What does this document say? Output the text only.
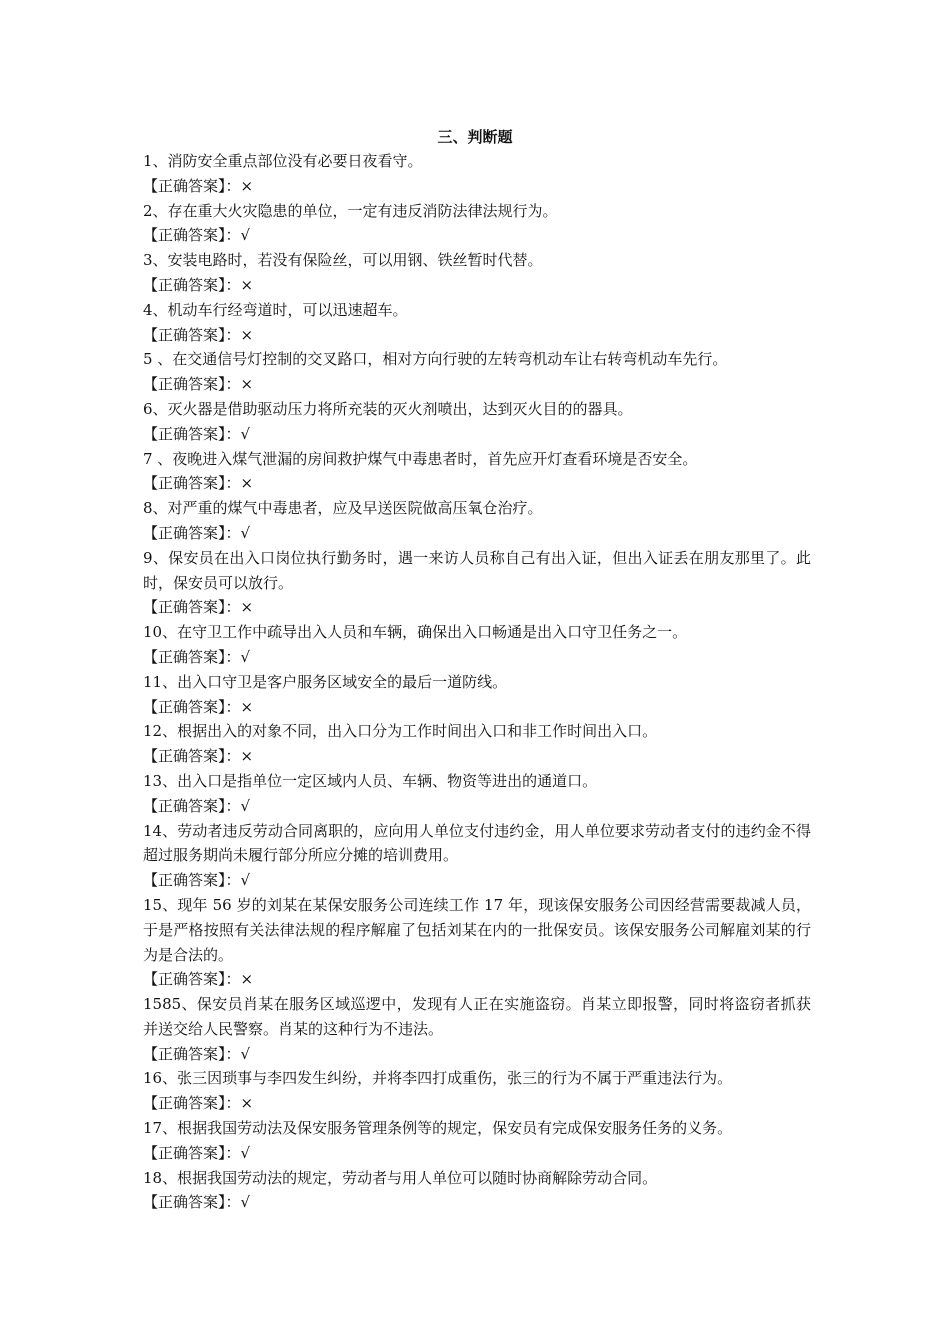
三、判断题

1、消防安全重点部位没有必要日夜看守。

【正确答案】：×

2、存在重大火灾隐患的单位，一定有违反消防法律法规行为。

【正确答案】：√

3、安装电路时，若没有保险丝，可以用钢、铁丝暂时代替。

【正确答案】：×

4、机动车行经弯道时，可以迅速超车。

【正确答案】：×

5 、在交通信号灯控制的交叉路口，相对方向行驶的左转弯机动车让右转弯机动车先行。

【正确答案】：×

6、灭火器是借助驱动压力将所充装的灭火剂喷出，达到灭火目的的器具。

【正确答案】：√

7 、夜晚进入煤气泄漏的房间救护煤气中毒患者时，首先应开灯查看环境是否安全。

【正确答案】：×

8、对严重的煤气中毒患者，应及早送医院做高压氧仓治疗。

【正确答案】：√

9、保安员在出入口岗位执行勤务时，遇一来访人员称自己有出入证，但出入证丢在朋友那里了。此时，保安员可以放行。

【正确答案】：×

10、在守卫工作中疏导出入人员和车辆，确保出入口畅通是出入口守卫任务之一。

【正确答案】：√

11、出入口守卫是客户服务区域安全的最后一道防线。

【正确答案】：×

12、根据出入的对象不同，出入口分为工作时间出入口和非工作时间出入口。

【正确答案】：×

13、出入口是指单位一定区域内人员、车辆、物资等进出的通道口。

【正确答案】：√

14、劳动者违反劳动合同离职的，应向用人单位支付违约金，用人单位要求劳动者支付的违约金不得超过服务期尚未履行部分所应分摊的培训费用。

【正确答案】：√

15、现年 56 岁的刘某在某保安服务公司连续工作 17 年，现该保安服务公司因经营需要裁减人员，于是严格按照有关法律法规的程序解雇了包括刘某在内的一批保安员。该保安服务公司解雇刘某的行为是合法的。

【正确答案】：×

1585、保安员肖某在服务区域巡逻中，发现有人正在实施盗窃。肖某立即报警，同时将盗窃者抓获并送交给人民警察。肖某的这种行为不违法。

【正确答案】：√

16、张三因琐事与李四发生纠纷，并将李四打成重伤，张三的行为不属于严重违法行为。

【正确答案】：×

17、根据我国劳动法及保安服务管理条例等的规定，保安员有完成保安服务任务的义务。

【正确答案】：√

18、根据我国劳动法的规定，劳动者与用人单位可以随时协商解除劳动合同。

【正确答案】：√
